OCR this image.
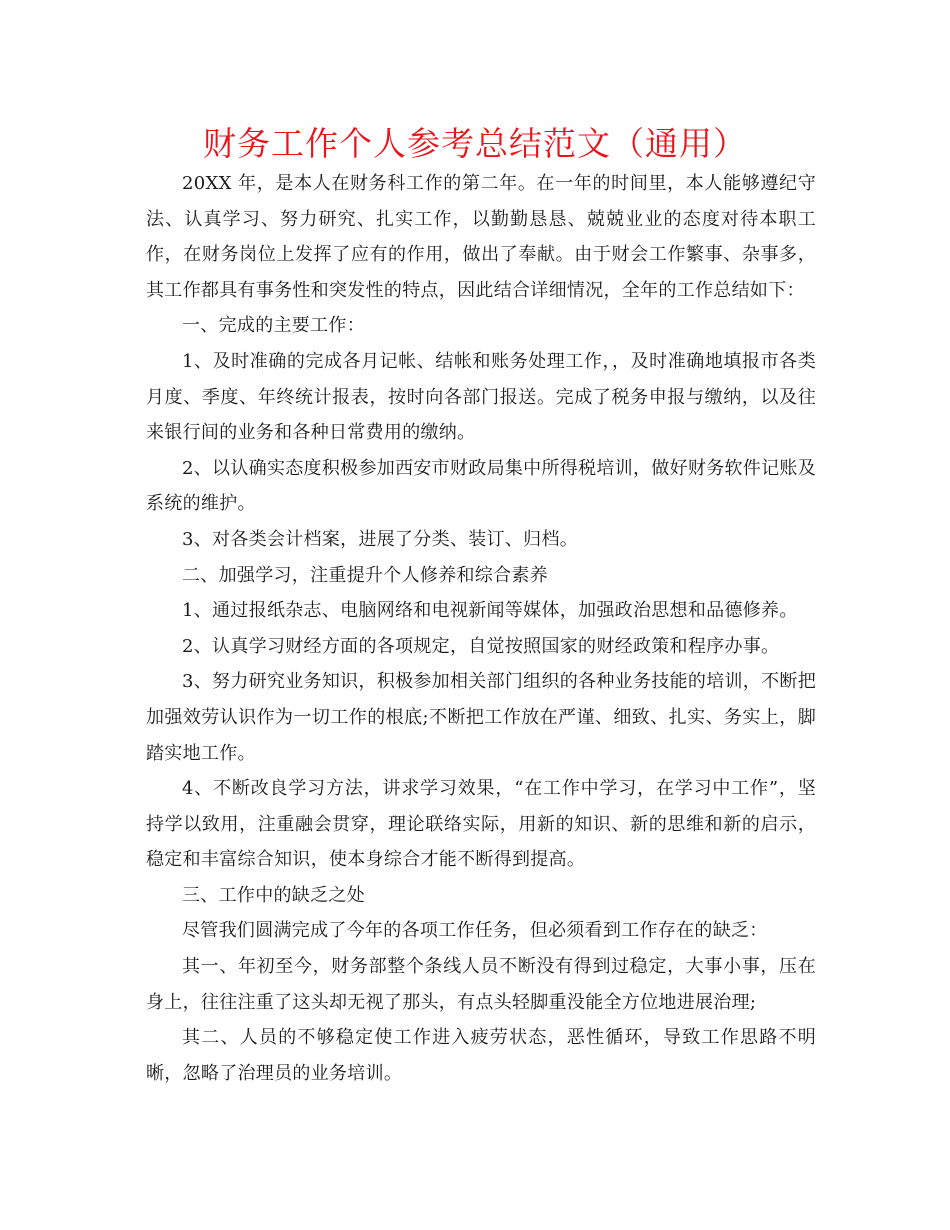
财务工作个人参考总结范文（通用）

20XX 年，是本人在财务科工作的第二年。在一年的时间里，本人能够遵纪守法、认真学习、努力研究、扎实工作，以勤勤恳恳、兢兢业业的态度对待本职工作，在财务岗位上发挥了应有的作用，做出了奉献。由于财会工作繁事、杂事多，其工作都具有事务性和突发性的特点，因此结合详细情况，全年的工作总结如下：

一、完成的主要工作：

1、及时准确的完成各月记帐、结帐和账务处理工作，，及时准确地填报市各类月度、季度、年终统计报表，按时向各部门报送。完成了税务申报与缴纳，以及往来银行间的业务和各种日常费用的缴纳。

2、以认确实态度积极参加西安市财政局集中所得税培训，做好财务软件记账及系统的维护。

3、对各类会计档案，进展了分类、装订、归档。

二、加强学习，注重提升个人修养和综合素养

1、通过报纸杂志、电脑网络和电视新闻等媒体，加强政治思想和品德修养。

2、认真学习财经方面的各项规定，自觉按照国家的财经政策和程序办事。

3、努力研究业务知识，积极参加相关部门组织的各种业务技能的培训，不断把加强效劳认识作为一切工作的根底;不断把工作放在严谨、细致、扎实、务实上，脚踏实地工作。

4、不断改良学习方法，讲求学习效果，“在工作中学习，在学习中工作”，坚持学以致用，注重融会贯穿，理论联络实际，用新的知识、新的思维和新的启示，稳定和丰富综合知识，使本身综合才能不断得到提高。

三、工作中的缺乏之处

尽管我们圆满完成了今年的各项工作任务，但必须看到工作存在的缺乏：

其一、年初至今，财务部整个条线人员不断没有得到过稳定，大事小事，压在身上，往往注重了这头却无视了那头，有点头轻脚重没能全方位地进展治理;

其二、人员的不够稳定使工作进入疲劳状态，恶性循环，导致工作思路不明晰，忽略了治理员的业务培训。
